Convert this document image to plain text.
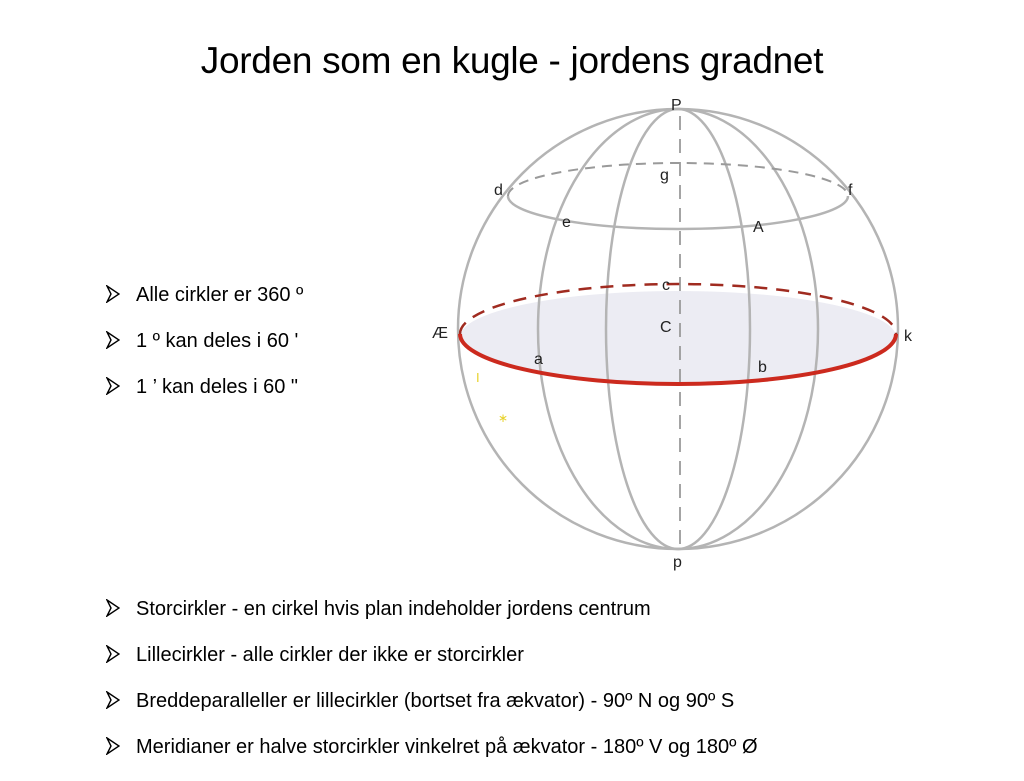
Jorden som en kugle - jordens gradnet
Alle cirkler er 360 º
1 º kan deles i 60 '
1 ’ kan deles i 60 "	I
∗
P
p
g
d	f
e	A
c
C
Æ	k
a	b
Storcirkler - en cirkel hvis plan indeholder jordens centrum
Lillecirkler - alle cirkler der ikke er storcirkler
Breddeparalleller er lillecirkler (bortset fra ækvator) - 90º N og 90º S
Meridianer er halve storcirkler vinkelret på ækvator - 180º V og 180º Ø
